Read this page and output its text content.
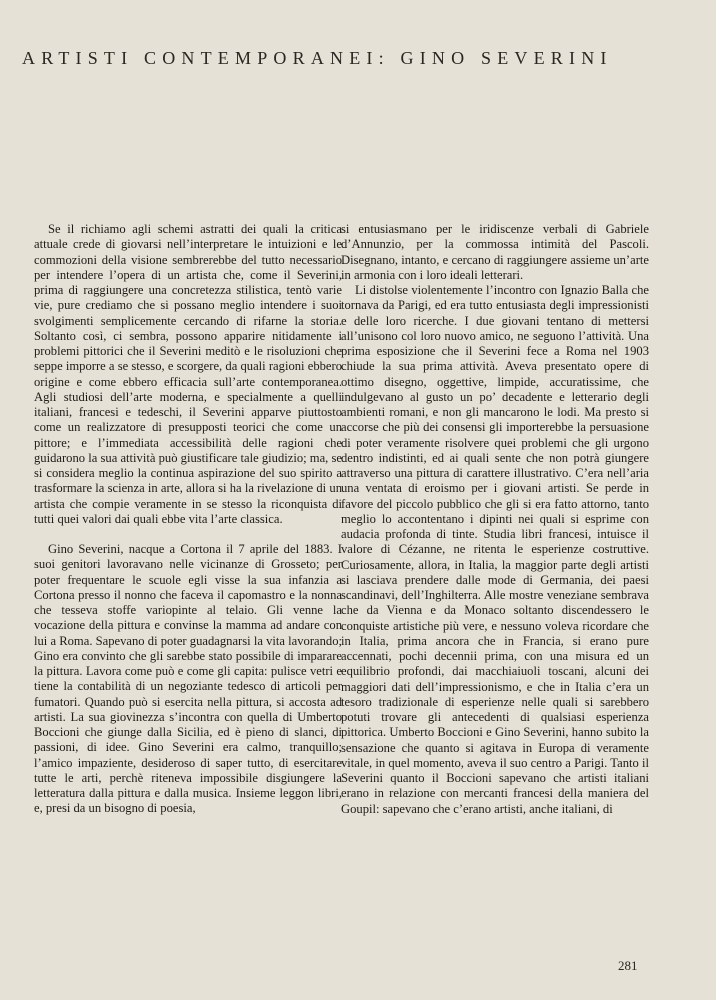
ARTISTI CONTEMPORANEI: GINO SEVERINI

Se il richiamo agli schemi astratti dei quali la critica attuale crede di giovarsi nell’interpretare le intuizioni e le commozioni della visione sembrerebbe del tutto necessario per intendere l’opera di un artista che, come il Severini, prima di raggiungere una concretezza stilistica, tentò varie vie, pure crediamo che si possano meglio intendere i suoi svolgimenti semplicemente cercando di rifarne la storia. Soltanto così, ci sembra, possono apparire nitidamente i problemi pittorici che il Severini meditò e le risoluzioni che seppe imporre a se stesso, e scorgere, da quali ragioni ebbero origine e come ebbero efficacia sull’arte contemporanea. Agli studiosi dell’arte moderna, e specialmente a quelli italiani, francesi e tedeschi, il Severini apparve piuttosto come un realizzatore di presupposti teorici che come un pittore; e l’immediata accessibilità delle ragioni che guidarono la sua attività può giustificare tale giudizio; ma, se si considera meglio la continua aspirazione del suo spirito a trasformare la scienza in arte, allora si ha la rivelazione di un artista che compie veramente in se stesso la riconquista di tutti quei valori dai quali ebbe vita l’arte classica.

Gino Severini, nacque a Cortona il 7 aprile del 1883. I suoi genitori lavoravano nelle vicinanze di Grosseto; per poter frequentare le scuole egli visse la sua infanzia a Cortona presso il nonno che faceva il capomastro e la nonna che tesseva stoffe variopinte al telaio. Gli venne la vocazione della pittura e convinse la mamma ad andare con lui a Roma. Sapevano di poter guadagnarsi la vita lavorando; Gino era convinto che gli sarebbe stato possibile di imparare la pittura. Lavora come può e come gli capita: pulisce vetri e tiene la contabilità di un negoziante tedesco di articoli per fumatori. Quando può si esercita nella pittura, si accosta ad artisti. La sua giovinezza s’incontra con quella di Umberto Boccioni che giunge dalla Sicilia, ed è pieno di slanci, di passioni, di idee. Gino Severini era calmo, tranquillo; l’amico impaziente, desideroso di saper tutto, di esercitare tutte le arti, perchè riteneva impossibile disgiungere la letteratura dalla pittura e dalla musica. Insieme leggon libri, e, presi da un bisogno di poesia,

si entusiasmano per le iridiscenze verbali di Gabriele d’Annunzio, per la commossa intimità del Pascoli. Disegnano, intanto, e cercano di raggiungere assieme un’arte in armonia con i loro ideali letterari.

Li distolse violentemente l’incontro con Ignazio Balla che tornava da Parigi, ed era tutto entusiasta degli impressionisti e delle loro ricerche. I due giovani tentano di mettersi all’unisono col loro nuovo amico, ne seguono l’attività. Una prima esposizione che il Severini fece a Roma nel 1903 chiude la sua prima attività. Aveva presentato opere di ottimo disegno, oggettive, limpide, accuratissime, che indulgevano al gusto un po’ decadente e letterario degli ambienti romani, e non gli mancarono le lodi. Ma presto si accorse che più dei consensi gli importerebbe la persuasione di poter veramente risolvere quei problemi che gli urgono dentro indistinti, ed ai quali sente che non potrà giungere attraverso una pittura di carattere illustrativo. C’era nell’aria una ventata di eroismo per i giovani artisti. Se perde in favore del piccolo pubblico che gli si era fatto attorno, tanto meglio lo accontentano i dipinti nei quali si esprime con audacia profonda di tinte. Studia libri francesi, intuisce il valore di Cézanne, ne ritenta le esperienze costruttive. Curiosamente, allora, in Italia, la maggior parte degli artisti si lasciava prendere dalle mode di Germania, dei paesi scandinavi, dell’Inghilterra. Alle mostre veneziane sembrava che da Vienna e da Monaco soltanto discendessero le conquiste artistiche più vere, e nessuno voleva ricordare che in Italia, prima ancora che in Francia, si erano pure accennati, pochi decennii prima, con una misura ed un equilibrio profondi, dai macchiaiuoli toscani, alcuni dei maggiori dati dell’impressionismo, e che in Italia c’era un tesoro tradizionale di esperienze nelle quali si sarebbero potuti trovare gli antecedenti di qualsiasi esperienza pittorica. Umberto Boccioni e Gino Severini, hanno subito la sensazione che quanto si agitava in Europa di veramente vitale, in quel momento, aveva il suo centro a Parigi. Tanto il Severini quanto il Boccioni sapevano che artisti italiani erano in relazione con mercanti francesi della maniera del Goupil: sapevano che c’erano artisti, anche italiani, di

281
